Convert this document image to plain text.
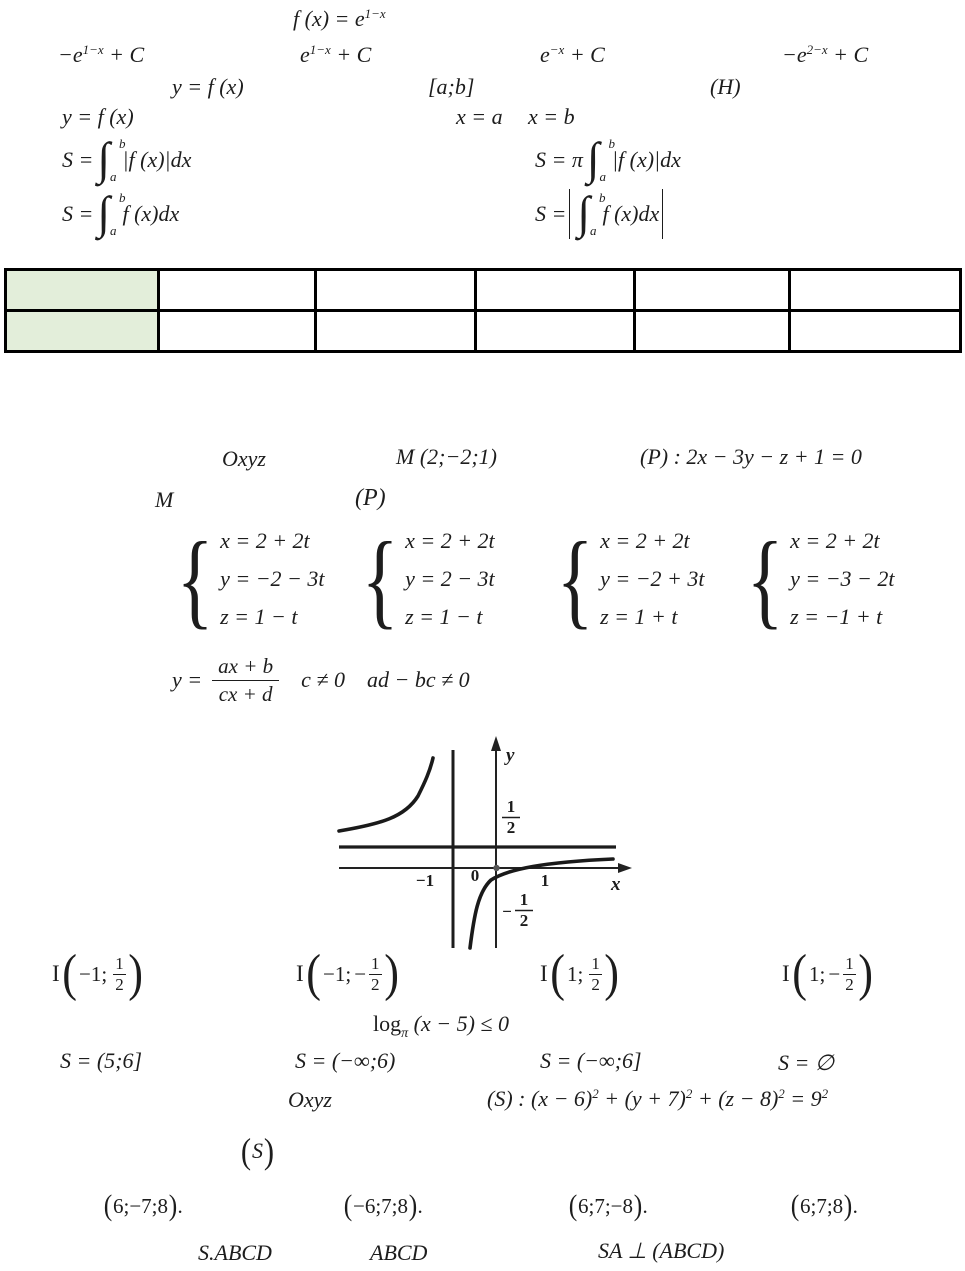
f $(x) = e^{1-x}$
$-e^{1-x} + C$	$e^{1-x} + C$	$e^{-x} + C$	$-e^{2-x} + C$
y = f (x)	[a;b]	(H)
y = f (x)	x = a x = b
S = ∫ b
a
|f (x)|dx	S = π ∫ b
a
|f (x)|dx
S = ∫ b
a
f (x)dx	S = ∫ b
a
f (x)dx

Oxyz	M (2;−2;1)	(P) : 2x − 3y − z + 1 = 0
M	(P)
{ x = 2 + 2t
y = −2 − 3t
z = 1 − t { x = 2 + 2t
y = 2 − 3t
z = 1 − t { x = 2 + 2t
y = −2 + 3t
z = 1 + t { x = 2 + 2t
y = −3 − 2t
z = −1 + t
$y = \frac{ax + b}{cx + d}$ c ≠ 0 ad − bc ≠ 0
y
x
−1 0	1
1
2
−
1
2
I ( −1; $\frac{1}{2}$ )	I ( −1; − $\frac{1}{2}$ )	I ( 1; $\frac{1}{2}$ )	I ( 1; − $\frac{1}{2}$ )
$\log_\pi (x - 5) \le 0$
S = (5;6]	S = (−∞;6)	S = (−∞;6]	S = ∅
Oxyz	(S) : $(x - 6)^2 + (y + 7)^2 + (z - 8)^2 = 9^2$
( S )
( 6;−7;8 ) .	( −6;7;8 ) .	( 6;7;−8 ) .	( 6;7;8 ) .
S.ABCD	ABCD	SA ⊥ (ABCD)
